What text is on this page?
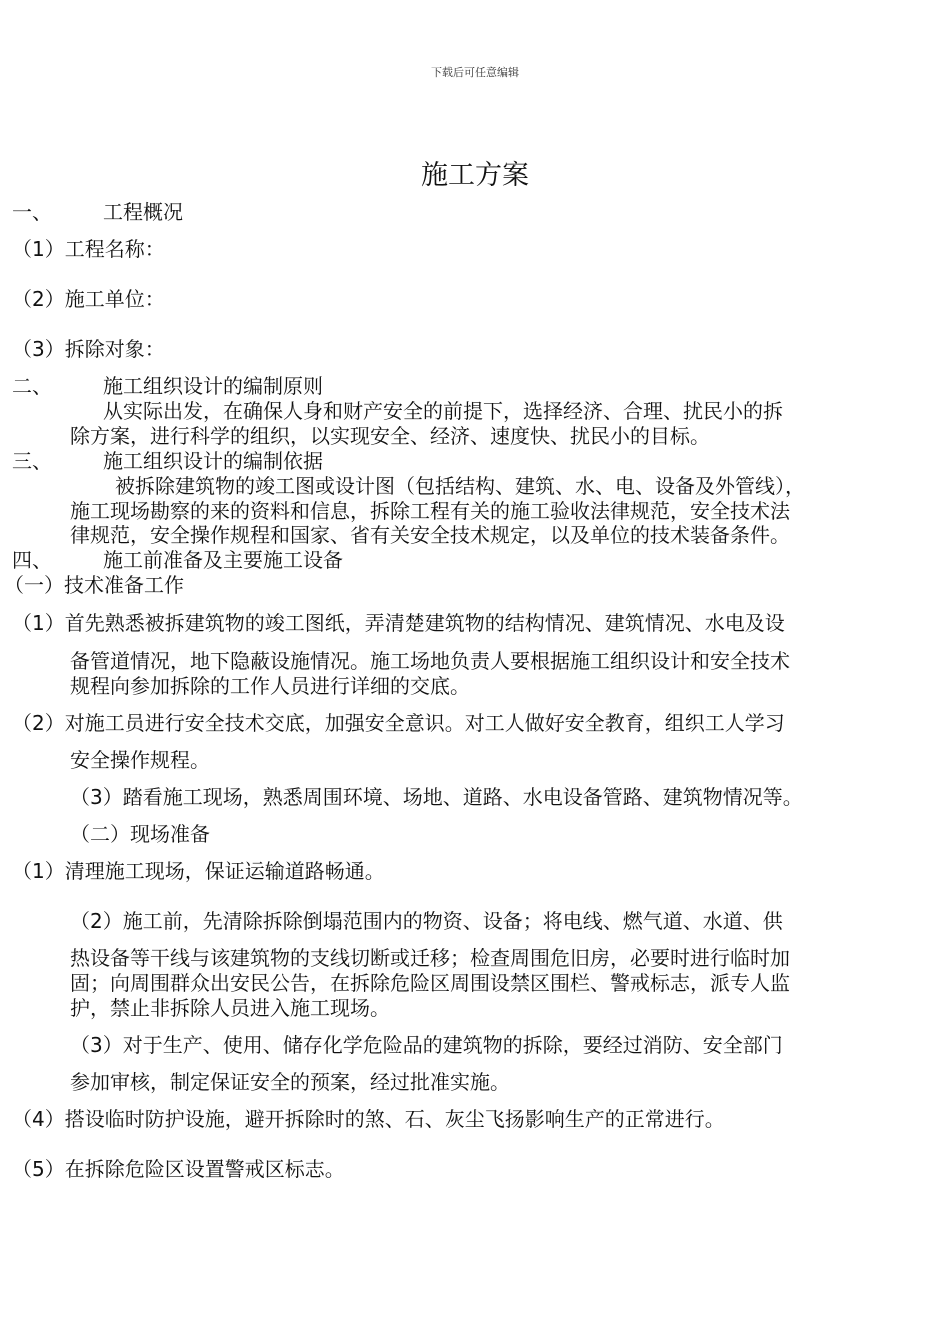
下载后可任意编辑
施工方案
一、	工程概况
（1）工程名称：
（2）施工单位：
（3）拆除对象：
二、	施工组织设计的编制原则
从实际出发，在确保人身和财产安全的前提下，选择经济、合理、扰民小的拆
除方案，进行科学的组织，以实现安全、经济、速度快、扰民小的目标。
三、	施工组织设计的编制依据
被拆除建筑物的竣工图或设计图（包括结构、建筑、水、电、设备及外管线），
施工现场勘察的来的资料和信息，拆除工程有关的施工验收法律规范，安全技术法
律规范，安全操作规程和国家、省有关安全技术规定，以及单位的技术装备条件。
四、	施工前准备及主要施工设备
（一）技术准备工作
（1）首先熟悉被拆建筑物的竣工图纸，弄清楚建筑物的结构情况、建筑情况、水电及设
备管道情况，地下隐蔽设施情况。施工场地负责人要根据施工组织设计和安全技术
规程向参加拆除的工作人员进行详细的交底。
（2）对施工员进行安全技术交底，加强安全意识。对工人做好安全教育，组织工人学习
安全操作规程。
（3）踏看施工现场，熟悉周围环境、场地、道路、水电设备管路、建筑物情况等。
（二）现场准备
（1）清理施工现场，保证运输道路畅通。
（2）施工前，先清除拆除倒塌范围内的物资、设备；将电线、燃气道、水道、供
热设备等干线与该建筑物的支线切断或迁移；检查周围危旧房，必要时进行临时加
固；向周围群众出安民公告，在拆除危险区周围设禁区围栏、警戒标志，派专人监
护，禁止非拆除人员进入施工现场。
（3）对于生产、使用、储存化学危险品的建筑物的拆除，要经过消防、安全部门
参加审核，制定保证安全的预案，经过批准实施。
（4）搭设临时防护设施，避开拆除时的煞、石、灰尘飞扬影响生产的正常进行。
（5）在拆除危险区设置警戒区标志。
